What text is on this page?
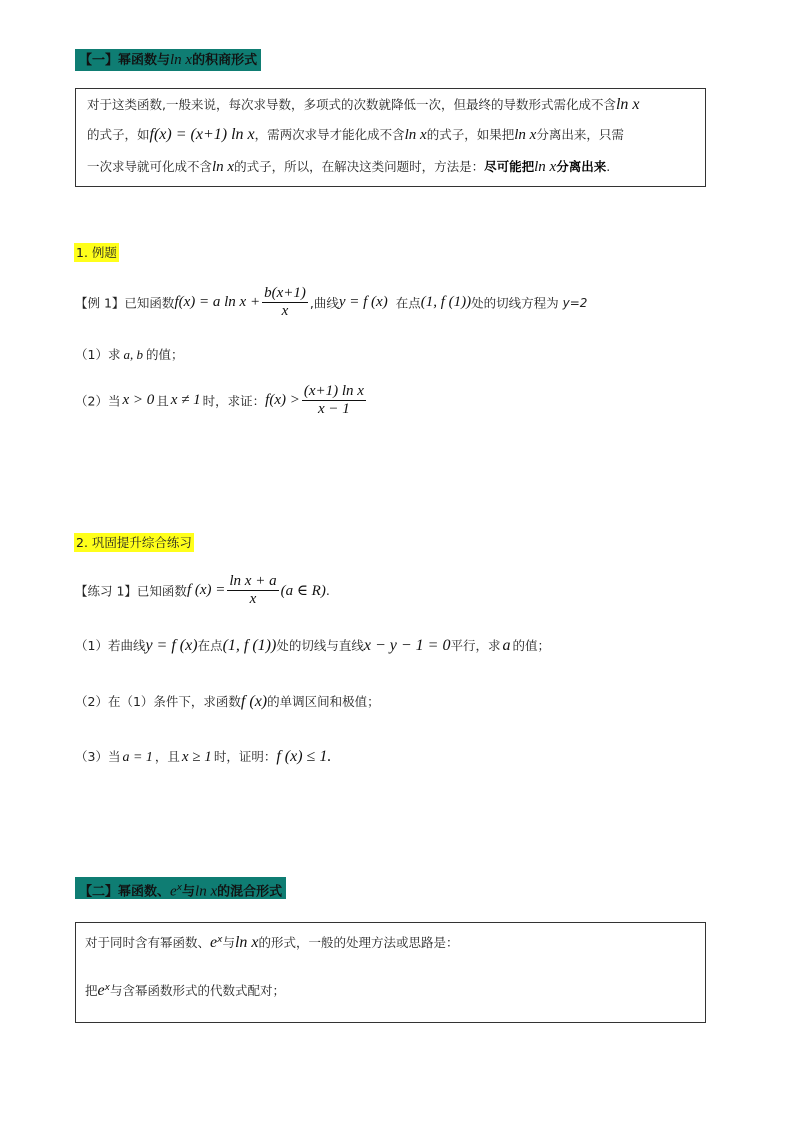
【一】幂函数与ln x的积商形式
对于这类函数,一般来说，每次求导数，多项式的次数就降低一次，但最终的导数形式需化成不含ln x
的式子，如f(x) = (x+1) ln x，需两次求导才能化成不含ln x的式子，如果把ln x分离出来，只需
一次求导就可化成不含ln x的式子，所以，在解决这类问题时，方法是：尽可能把ln x分离出来.
1. 例题
【例 1】已知函数f(x) = a $\ln x + \frac{b(x+1)}{x}$ ,曲线y = f (x) 在点(1, f (1))处的切线方程为 y=2
（1）求 a, b 的值；
（2）当 x > 0 且 x ≠ 1 时，求证：$f(x) > \frac{\text{(x+1) ln x}}{x - 1}$
2. 巩固提升综合练习
【练习 1】已知函数f $(x) = \frac{\text{ln x + a}}{x} (a$ ∈ R).
（1）若曲线y = f (x)在点(1, f (1))处的切线与直线x − y − 1 = 0平行，求 a 的值；
（2）在（1）条件下，求函数f (x)的单调区间和极值；
（3）当 a = 1 ，且 x ≥ 1 时，证明：f (x) ≤ 1.
【二】幂函数、$e^x$与ln x的混合形式
对于同时含有幂函数、$e^x$与ln x的形式，一般的处理方法或思路是：
把$e^x$与含幂函数形式的代数式配对；
